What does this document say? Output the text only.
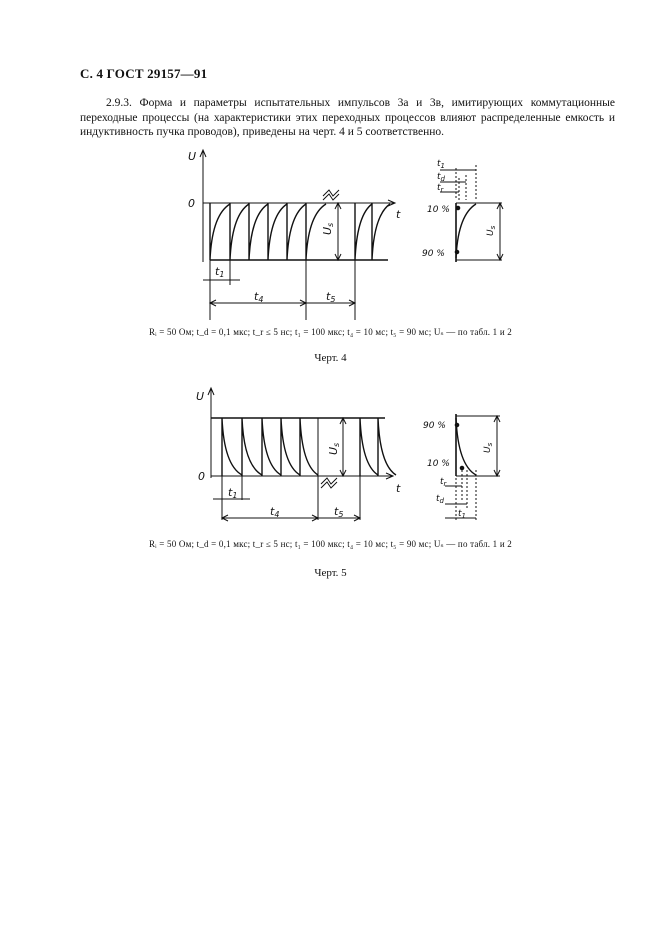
С. 4 ГОСТ 29157—91

2.9.3. Форма и параметры испытательных импульсов 3а и 3в, имитирующих коммутационные переходные процессы (на характеристики этих переходных процессов влияют распределенные емкость и индуктивность пучка проводов), приведены на черт. 4 и 5 соответственно.

U
0
t
Us
t1
t4	t5
$t_1$
$t_d$
$t_r$
10 %
90 %
$U_s$
Rᵢ = 50 Ом; t_d = 0,1 мкс; t_r ≤ 5 нс; t₁ = 100 мкс; t₄ = 10 мс; t₅ = 90 мс; Uₛ — по табл. 1 и 2
Черт. 4
U
0
t
Us
t1
t4	t5
90 %
10 %
$t_r$
$t_d$
$t_1$
$U_s$
Rᵢ = 50 Ом; t_d = 0,1 мкс; t_r ≤ 5 нс; t₁ = 100 мкс; t₄ = 10 мс; t₅ = 90 мс; Uₛ — по табл. 1 и 2
Черт. 5
